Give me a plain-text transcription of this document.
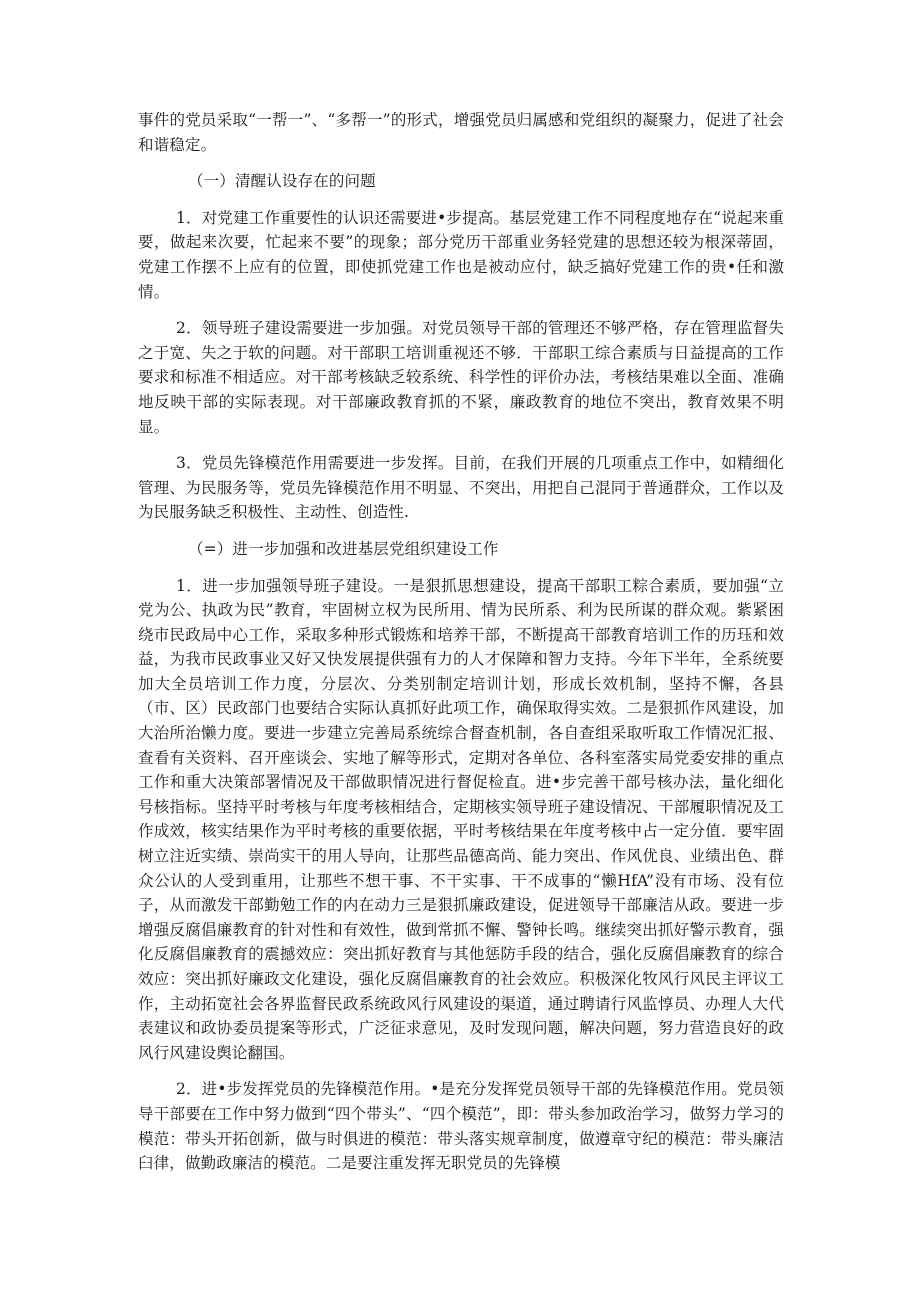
事件的党员采取“一帮一”、“多帮一”的形式，增强党员归属感和党组织的凝聚力，促进了社会和谐稳定。

（一）清醒认设存在的问题

1．对党建工作重要性的认识还需要进•步提高。基层党建工作不同程度地存在“说起来重要，做起来次要，忙起来不要”的现象；部分党历干部重业务轻党建的思想还较为根深蒂固，党建工作摆不上应有的位置，即使抓党建工作也是被动应付，缺乏搞好党建工作的贵•任和激情。

2．领导班子建设需要进一步加强。对党员领导干部的管理还不够严格，存在管理监督失之于宽、失之于软的问题。对干部职工培训重视还不够．干部职工综合素质与日益提高的工作要求和标准不相适应。对干部考核缺乏较系统、科学性的评价办法，考核结果难以全面、准确地反映干部的实际表现。对干部廉政教育抓的不紧，廉政教育的地位不突出，教育效果不明显。

3．党员先锋模范作用需要进一步发挥。目前，在我们开展的几项重点工作中，如精细化管理、为民服务等，党员先锋模范作用不明显、不突出，用把自己混同于普通群众，工作以及为民服务缺乏积极性、主动性、创造性.

（=）进一步加强和改进基层党组织建设工作

1．进一步加强领导班子建设。一是狠抓思想建设，提高干部职工粽合素质，要加强“立党为公、执政为民”教育，牢固树立权为民所用、情为民所系、利为民所谋的群众观。紫紧困绕市民政局中心工作，采取多种形式锻炼和培养干部，不断提高干部教育培训工作的历珏和效益，为我市民政事业又好又快发展提供强有力的人才保障和智力支持。今年下半年，全系统要加大全员培训工作力度，分层次、分类别制定培训计划，形成长效机制，坚持不懈，各县（市、区）民政部门也要结合实际认真抓好此项工作，确保取得实效。二是狠抓作风建设，加大治所治懒力度。要进一步建立完善局系统综合督查机制，各自查组采取听取工作情况汇报、查看有关资料、召开座谈会、实地了解等形式，定期对各单位、各科室落实局党委安排的重点工作和重大决策部署情况及干部做职情况进行督促检直。进•步完善干部号核办法，量化细化号核指标。坚持平时考核与年度考核相结合，定期核实领导班子建设情况、干部履职情况及工作成效，核实结果作为平时考核的重要依据，平时考核结果在年度考核中占一定分值．要牢固树立注近实绩、崇尚实干的用人导向，让那些品德高尚、能力突出、作风优良、业绩出色、群众公认的人受到重用，让那些不想干事、不干实事、干不成事的“懒HfA”没有市场、没有位子，从而激发干部勤勉工作的内在动力三是狠抓廉政建设，促进领导干部廉洁从政。要进一步增强反腐倡廉教育的针对性和有效性，做到常抓不懈、警钟长鸣。继续突出抓好警示教育，强化反腐倡廉教育的震撼效应：突出抓好教育与其他惩防手段的结合，强化反腐倡廉教育的综合效应：突出抓好廉政文化建设，强化反腐倡廉教育的社会效应。积极深化牧风行风民主评议工作，主动拓宽社会各界监督民政系统政风行风建设的渠道，通过聘请行风监惇员、办理人大代表建议和政协委员提案等形式，广泛征求意见，及时发现问题，解决问题，努力营造良好的政风行风建设舆论翻国。

2．进•步发挥党员的先锋模范作用。•是充分发挥党员领导干部的先锋模范作用。党员领导干部要在工作中努力做到“四个带头”、“四个模范”，即：带头参加政治学习，做努力学习的模范：带头开拓创新，做与时俱进的模范：带头落实规章制度，做遵章守纪的模范：带头廉洁臼律，做勤政廉洁的模范。二是要注重发挥无职党员的先锋模
